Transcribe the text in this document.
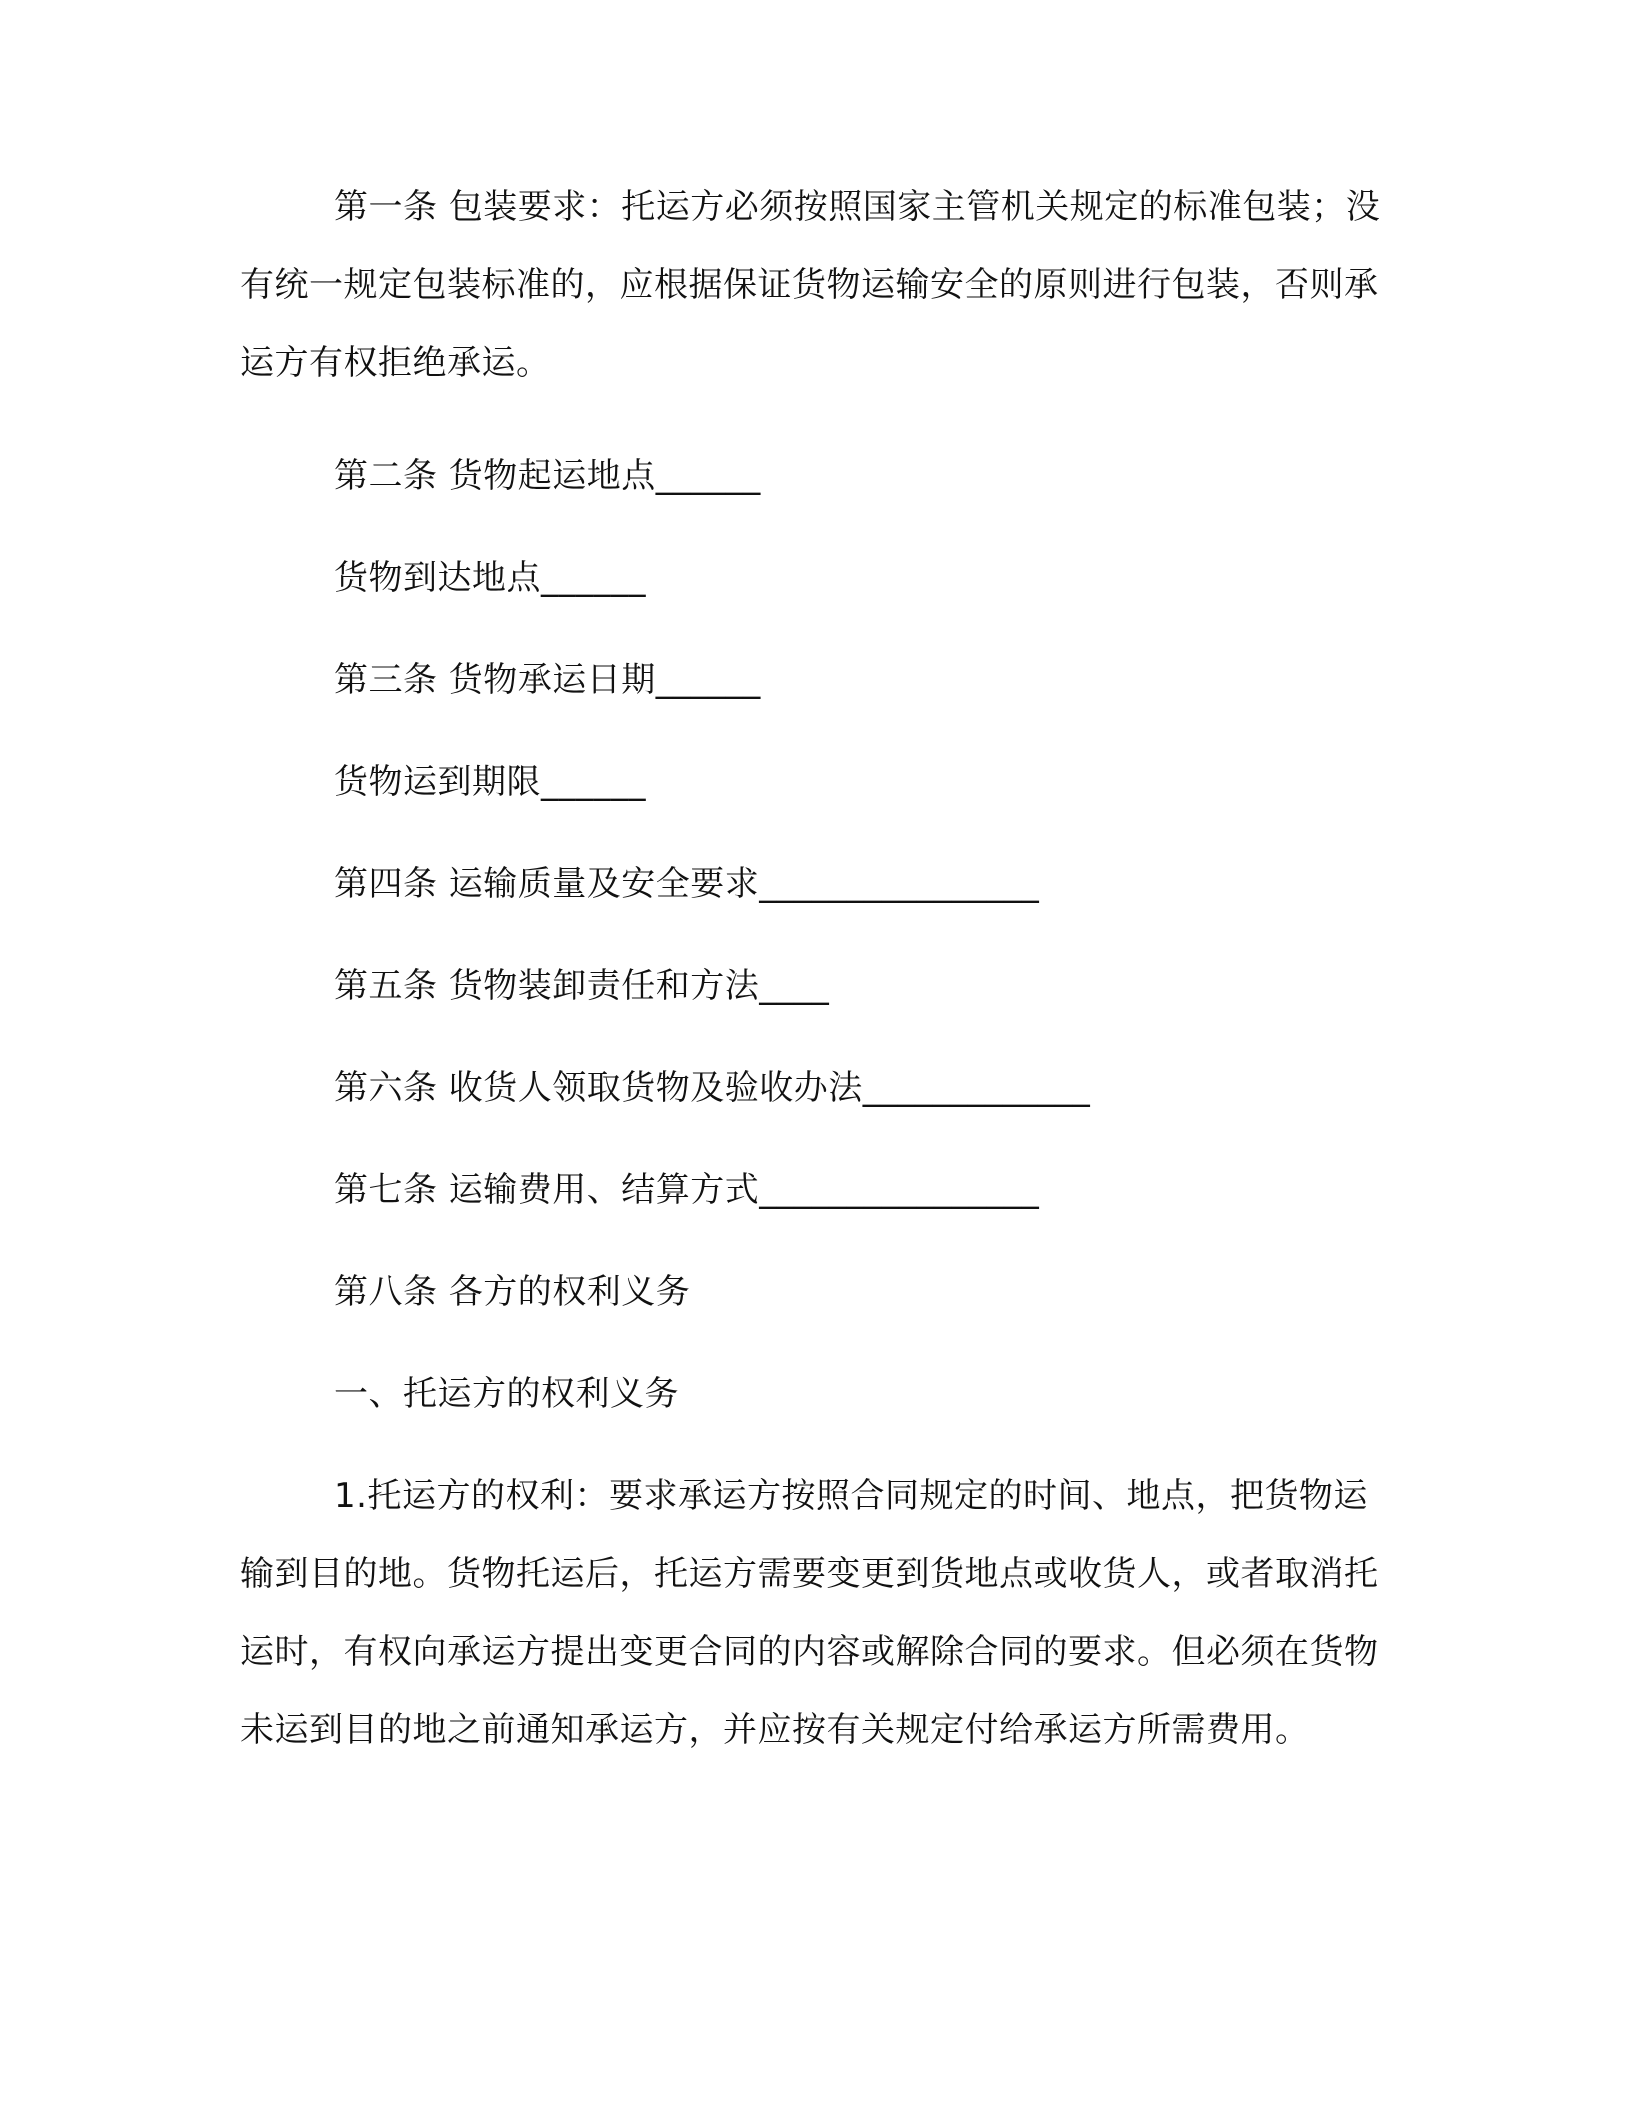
第一条 包装要求：托运方必须按照国家主管机关规定的标准包装；没有统一规定包装标准的，应根据保证货物运输安全的原则进行包装，否则承运方有权拒绝承运。

第二条 货物起运地点______

货物到达地点______

第三条 货物承运日期______

货物运到期限______

第四条 运输质量及安全要求________________

第五条 货物装卸责任和方法____

第六条 收货人领取货物及验收办法_____________

第七条 运输费用、结算方式________________

第八条 各方的权利义务

一、托运方的权利义务

1.托运方的权利：要求承运方按照合同规定的时间、地点，把货物运输到目的地。货物托运后，托运方需要变更到货地点或收货人，或者取消托运时，有权向承运方提出变更合同的内容或解除合同的要求。但必须在货物未运到目的地之前通知承运方，并应按有关规定付给承运方所需费用。
